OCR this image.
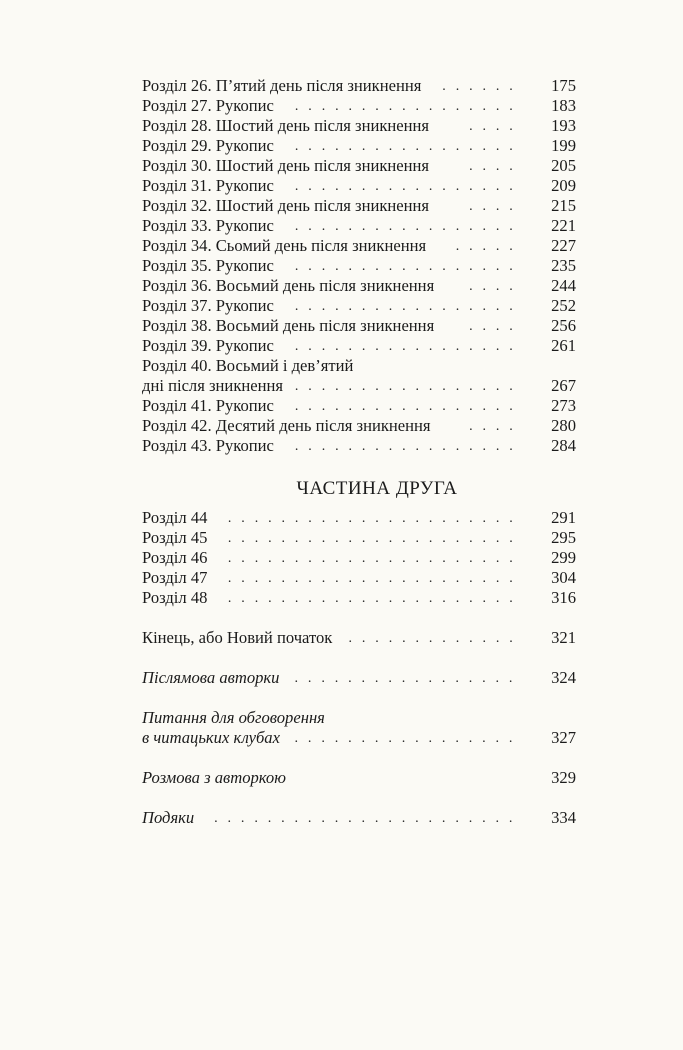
Розділ 26. П’ятий день після зникнення . . . . . . 175
Розділ 27. Рукопис . . . . . . . . . . . . . . . . . 183
Розділ 28. Шостий день після зникнення	. . . . 193
Розділ 29. Рукопис . . . . . . . . . . . . . . . . . 199
Розділ 30. Шостий день після зникнення	. . . . 205
Розділ 31. Рукопис . . . . . . . . . . . . . . . . . 209
Розділ 32. Шостий день після зникнення	. . . . 215
Розділ 33. Рукопис . . . . . . . . . . . . . . . . . 221
Розділ 34. Сьомий день після зникнення . . . . . 227
Розділ 35. Рукопис . . . . . . . . . . . . . . . . . 235
Розділ 36. Восьмий день після зникнення . . . . 244
Розділ 37. Рукопис . . . . . . . . . . . . . . . . . 252
Розділ 38. Восьмий день після зникнення . . . . 256
Розділ 39. Рукопис . . . . . . . . . . . . . . . . . 261
Розділ 40. Восьмий і дев’ятий
дні після зникнення . . . . . . . . . . . . . . . . . 267
Розділ 41. Рукопис . . . . . . . . . . . . . . . . . 273
Розділ 42. Десятий день після зникнення	. . . . 280
Розділ 43. Рукопис . . . . . . . . . . . . . . . . . 284
ЧАСТИНА ДРУГА
Розділ 44 . . . . . . . . . . . . . . . . . . . . . . 291
Розділ 45 . . . . . . . . . . . . . . . . . . . . . . 295
Розділ 46 . . . . . . . . . . . . . . . . . . . . . . 299
Розділ 47 . . . . . . . . . . . . . . . . . . . . . . 304
Розділ 48 . . . . . . . . . . . . . . . . . . . . . . 316
Кінець, або Новий початок . . . . . . . . . . . . . 321
Післямова авторки . . . . . . . . . . . . . . . . . 324
Питання для обговорення
в читацьких клубах . . . . . . . . . . . . . . . . . 327
Розмова з авторкою	329
Подяки . . . . . . . . . . . . . . . . . . . . . . . 334
